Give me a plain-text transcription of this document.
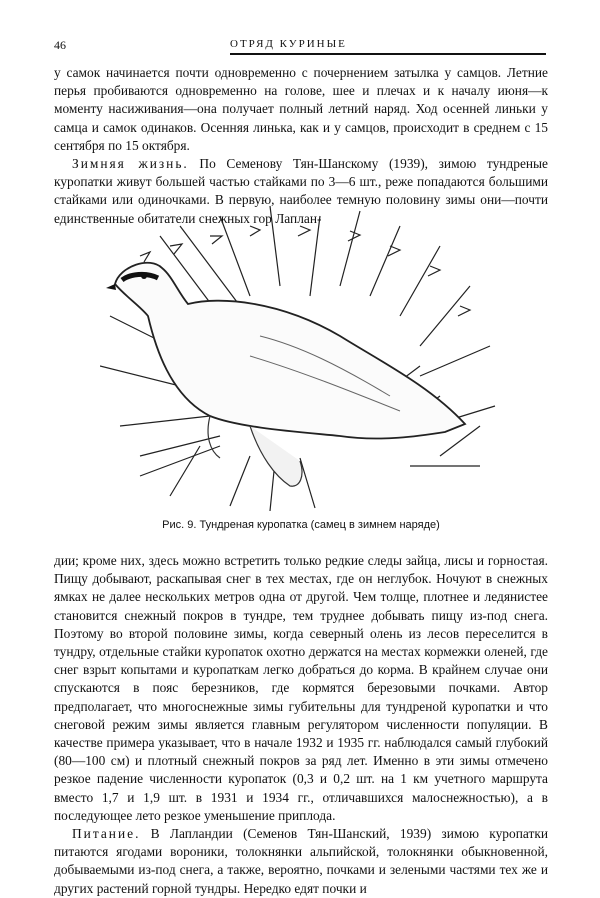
46	ОТРЯД КУРИНЫЕ

у самок начинается почти одновременно с почернением затылка у самцов. Летние перья пробиваются одновременно на голове, шее и плечах и к началу июня—к моменту насиживания—она получает полный летний наряд. Ход осенней линьки у самца и самок одинаков. Осенняя линька, как и у самцов, происходит в среднем с 15 сентября по 15 октября.

Зимняя жизнь. По Семенову Тян-Шанскому (1939), зимою тундреные куропатки живут большей частью стайками по 3—6 шт., реже попадаются большими стайками или одиночками. В первую, наиболее темную половину зимы они—почти единственные обитатели снежных гор Лаплан-

Рис. 9. Тундреная куропатка (самец в зимнем наряде)

дии; кроме них, здесь можно встретить только редкие следы зайца, лисы и горностая. Пищу добывают, раскапывая снег в тех местах, где он неглубок. Ночуют в снежных ямках не далее нескольких метров одна от другой. Чем толще, плотнее и ледянистее становится снежный покров в тундре, тем труднее добывать пищу из-под снега. Поэтому во второй половине зимы, когда северный олень из лесов переселится в тундру, отдельные стайки куропаток охотно держатся на местах кормежки оленей, где снег взрыт копытами и куропаткам легко добраться до корма. В крайнем случае они спускаются в пояс березников, где кормятся березовыми почками. Автор предполагает, что многоснежные зимы губительны для тундреной куропатки и что снеговой режим зимы является главным регулятором численности популяции. В качестве примера указывает, что в начале 1932 и 1935 гг. наблюдался самый глубокий (80—100 см) и плотный снежный покров за ряд лет. Именно в эти зимы отмечено резкое падение численности куропаток (0,3 и 0,2 шт. на 1 км учетного маршрута вместо 1,7 и 1,9 шт. в 1931 и 1934 гг., отличавшихся малоснежностью), а в последующее лето резкое уменьшение приплода.

Питание. В Лапландии (Семенов Тян-Шанский, 1939) зимою куропатки питаются ягодами вороники, толокнянки альпийской, толокнянки обыкновенной, добываемыми из-под снега, а также, вероятно, почками и зелеными частями тех же и других растений горной тундры. Нередко едят почки и
